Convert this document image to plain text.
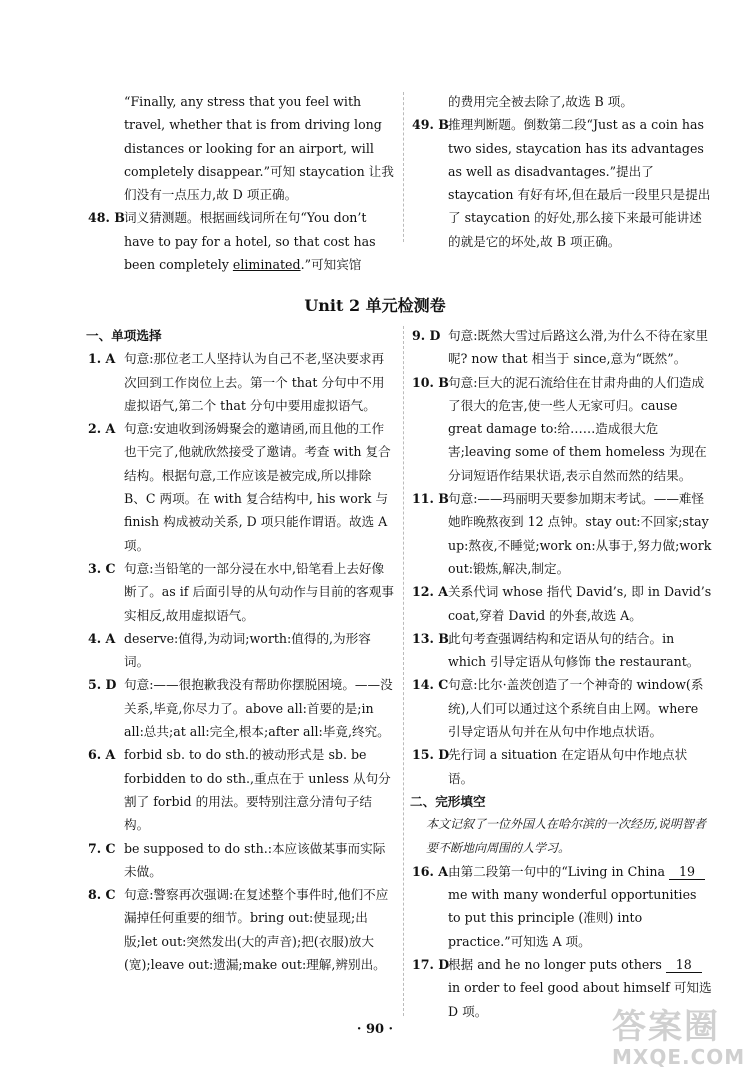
“Finally, any stress that you feel with travel, whether that is from driving long distances or looking for an airport, will completely disappear.”可知 staycation 让我们没有一点压力,故 D 项正确。

48. B 词义猜测题。根据画线词所在句“You don’t have to pay for a hotel, so that cost has been completely eliminated.”可知宾馆

的费用完全被去除了,故选 B 项。

49. B 推理判断题。倒数第二段“Just as a coin has two sides, staycation has its advantages as well as disadvantages.”提出了 staycation 有好有坏,但在最后一段里只是提出了 staycation 的好处,那么接下来最可能讲述的就是它的坏处,故 B 项正确。
Unit 2 单元检测卷

一、单项选择

1. A 句意:那位老工人坚持认为自己不老,坚决要求再次回到工作岗位上去。第一个 that 分句中不用虚拟语气,第二个 that 分句中要用虚拟语气。
2. A 句意:安迪收到汤姆聚会的邀请函,而且他的工作也干完了,他就欣然接受了邀请。考查 with 复合结构。根据句意,工作应该是被完成,所以排除 B、C 两项。在 with 复合结构中, his work 与 finish 构成被动关系, D 项只能作谓语。故选 A 项。
3. C 句意:当铅笔的一部分浸在水中,铅笔看上去好像断了。as if 后面引导的从句动作与目前的客观事实相反,故用虚拟语气。
4. A deserve:值得,为动词;worth:值得的,为形容词。
5. D 句意:——很抱歉我没有帮助你摆脱困境。——没关系,毕竟,你尽力了。above all:首要的是;in all:总共;at all:完全,根本;after all:毕竟,终究。
6. A forbid sb. to do sth.的被动形式是 sb. be forbidden to do sth.,重点在于 unless 从句分割了 forbid 的用法。要特别注意分清句子结构。
7. C be supposed to do sth.:本应该做某事而实际未做。
8. C 句意:警察再次强调:在复述整个事件时,他们不应漏掉任何重要的细节。bring out:使显现;出版;let out:突然发出(大的声音);把(衣服)放大(宽);leave out:遗漏;make out:理解,辨别出。
9. D 句意:既然大雪过后路这么滑,为什么不待在家里呢? now that 相当于 since,意为“既然”。
10. B 句意:巨大的泥石流给住在甘肃舟曲的人们造成了很大的危害,使一些人无家可归。cause great damage to:给……造成很大危害;leaving some of them homeless 为现在分词短语作结果状语,表示自然而然的结果。
11. B 句意:——玛丽明天要参加期末考试。——难怪她昨晚熬夜到 12 点钟。stay out:不回家;stay up:熬夜,不睡觉;work on:从事于,努力做;work out:锻炼,解决,制定。
12. A 关系代词 whose 指代 David’s, 即 in David’s coat,穿着 David 的外套,故选 A。
13. B 此句考查强调结构和定语从句的结合。in which 引导定语从句修饰 the restaurant。
14. C 句意:比尔·盖茨创造了一个神奇的 window(系统),人们可以通过这个系统自由上网。where 引导定语从句并在从句中作地点状语。
15. D
先行词 a situation 在定语从句中作地点状语。

二、完形填空

本文记叙了一位外国人在哈尔滨的一次经历,说明智者要不断地向周围的人学习。

16. A 由第二段第一句中的“Living in China 19 me with many wonderful opportunities to put this principle (准则) into practice.”可知选 A 项。
17. D
根据 and he no longer puts others 18 in order to feel good about himself 可知选 D 项。
· 90 ·	答案圈
MXQE.COM
